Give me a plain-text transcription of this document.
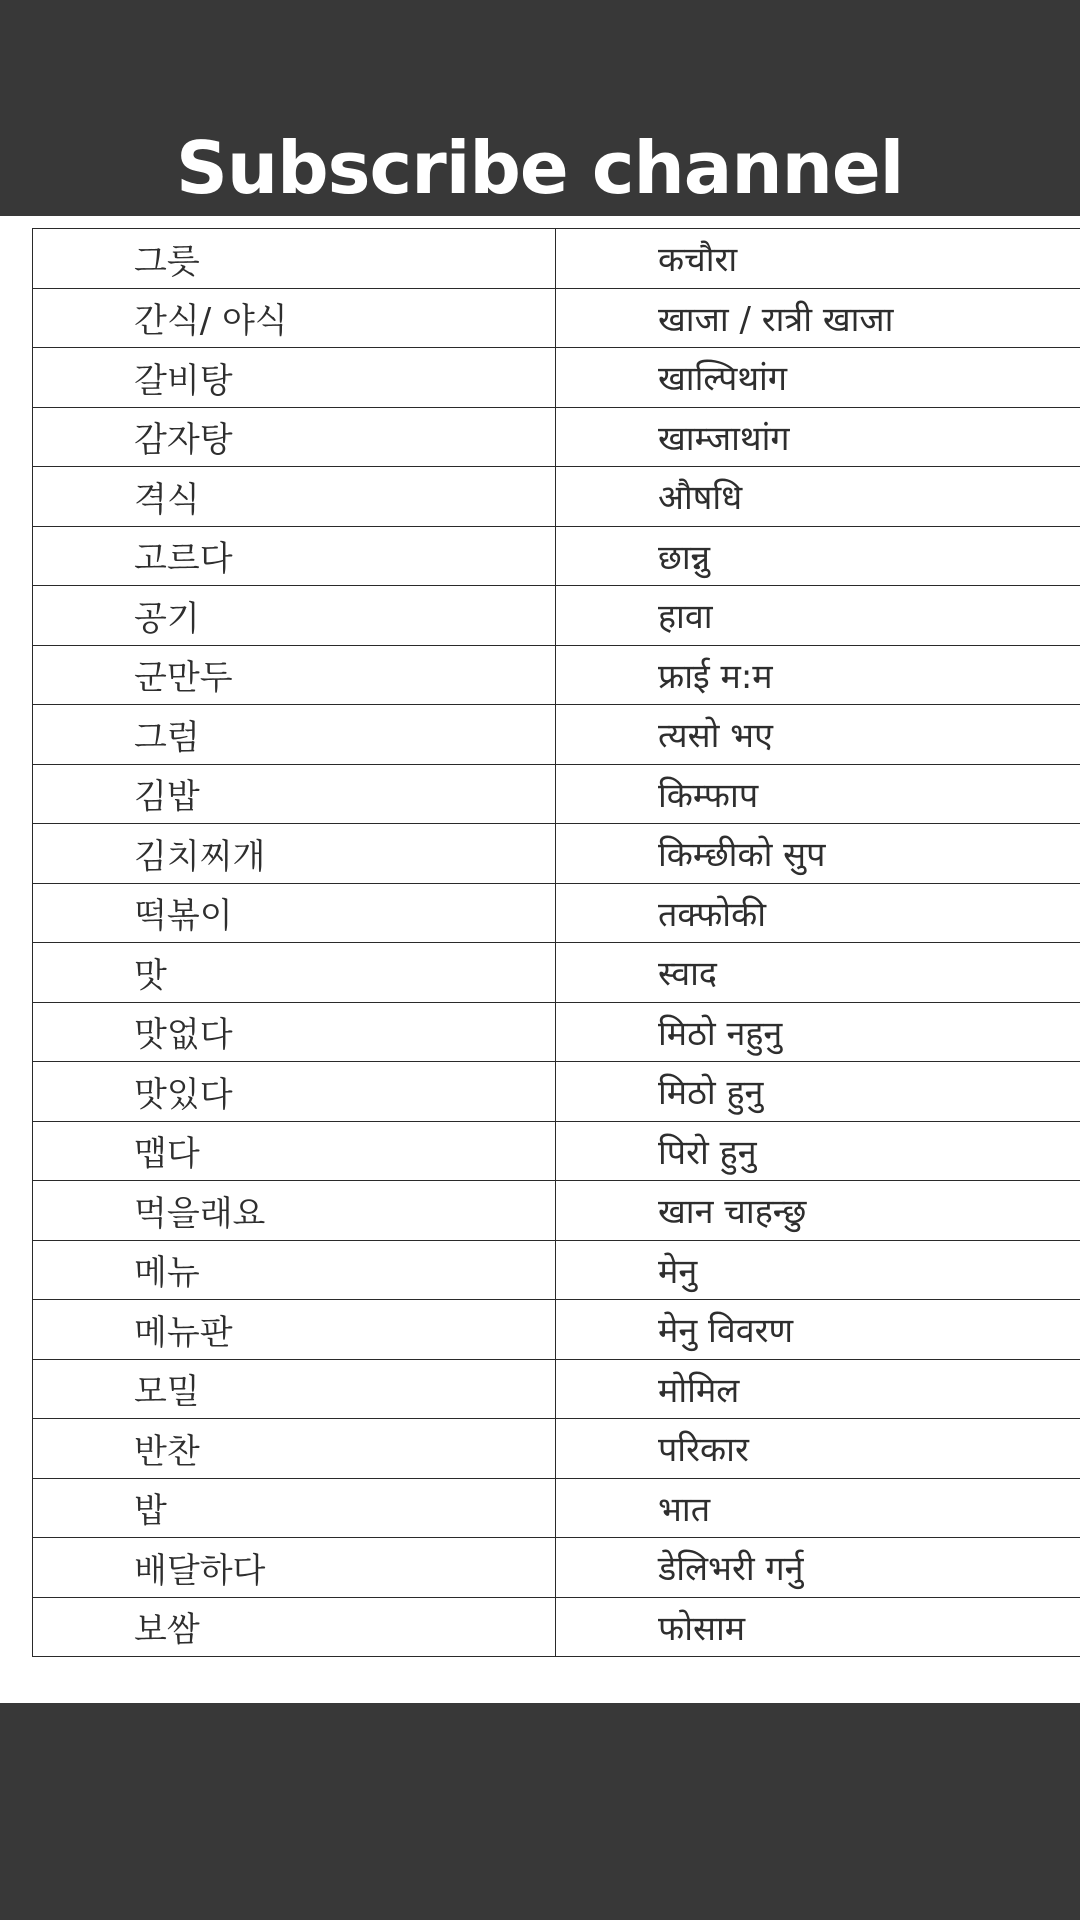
Subscribe channel
그릇	कचौरा
간식/ 야식	खाजा / रात्री खाजा
갈비탕	खाल्पिथांग
감자탕	खाम्जाथांग
격식	औषधि
고르다	छान्नु
공기	हावा
군만두	फ्राई म:म
그럼	त्यसो भए
김밥	किम्फाप
김치찌개	किम्छीको सुप
떡볶이	तक्फोकी
맛	स्वाद
맛없다	मिठो नहुनु
맛있다	मिठो हुनु
맵다	पिरो हुनु
먹을래요	खान चाहन्छु
메뉴	मेनु
메뉴판	मेनु विवरण
모밀	मोमिल
반찬	परिकार
밥	भात
배달하다	डेलिभरी गर्नु
보쌈	फोसाम
